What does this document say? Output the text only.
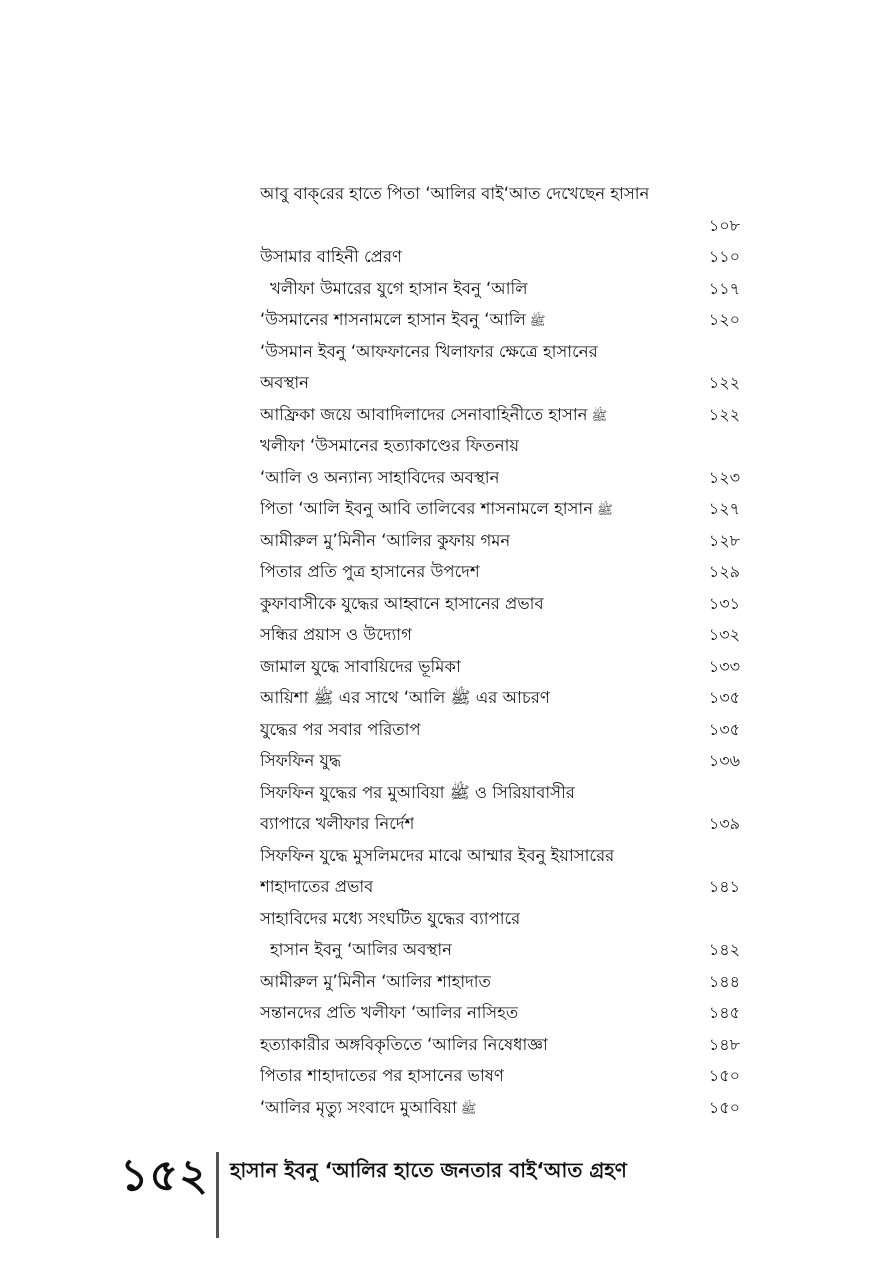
আবু বাক্‌রের হাতে পিতা ‘আলির বাই‘আত দেখেছেন হাসান
১০৮
উসামার বাহিনী প্রেরণ	১১০
খলীফা উমারের যুগে হাসান ইবনু ‘আলি	১১৭
‘উসমানের শাসনামলে হাসান ইবনু ‘আলি ﷺ	১২০
‘উসমান ইবনু ‘আফফানের খিলাফার ক্ষেত্রে হাসানের
অবস্থান	১২২
আফ্রিকা জয়ে আবাদিলাদের সেনাবাহিনীতে হাসান ﷺ	১২২
খলীফা ‘উসমানের হত্যাকাণ্ডের ফিতনায়
‘আলি ও অন্যান্য সাহাবিদের অবস্থান	১২৩
পিতা ‘আলি ইবনু আবি তালিবের শাসনামলে হাসান ﷺ	১২৭
আমীরুল মু’মিনীন ‘আলির কুফায় গমন	১২৮
পিতার প্রতি পুত্র হাসানের উপদেশ	১২৯
কুফাবাসীকে যুদ্ধের আহ্বানে হাসানের প্রভাব	১৩১
সন্ধির প্রয়াস ও উদ্যোগ	১৩২
জামাল যুদ্ধে সাবায়িদের ভূমিকা	১৩৩
আয়িশা ﷺ এর সাথে ‘আলি ﷺ এর আচরণ	১৩৫
যুদ্ধের পর সবার পরিতাপ	১৩৫
সিফফিন যুদ্ধ	১৩৬
সিফফিন যুদ্ধের পর মুআবিয়া ﷺ ও সিরিয়াবাসীর
ব্যাপারে খলীফার নির্দেশ	১৩৯
সিফফিন যুদ্ধে মুসলিমদের মাঝে আম্মার ইবনু ইয়াসারের
শাহাদাতের প্রভাব	১৪১
সাহাবিদের মধ্যে সংঘটিত যুদ্ধের ব্যাপারে
হাসান ইবনু ‘আলির অবস্থান	১৪২
আমীরুল মু’মিনীন ‘আলির শাহাদাত	১৪৪
সন্তানদের প্রতি খলীফা ‘আলির নাসিহত	১৪৫
হত্যাকারীর অঙ্গবিকৃতিতে ‘আলির নিষেধাজ্ঞা	১৪৮
পিতার শাহাদাতের পর হাসানের ভাষণ	১৫০
‘আলির মৃত্যু সংবাদে মুআবিয়া ﷺ	১৫০
১৫২ হাসান ইবনু ‘আলির হাতে জনতার বাই‘আত গ্রহণ
